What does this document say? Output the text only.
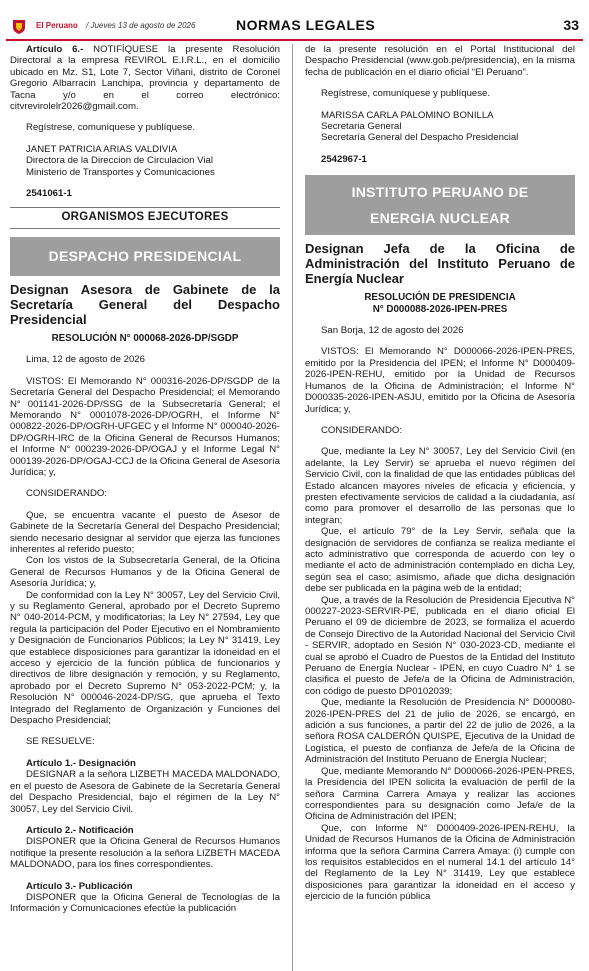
El Peruano / Jueves 13 de agosto de 2026	NORMAS LEGALES	33

Artículo 6.- NOTIFÍQUESE la presente Resolución Directoral a la empresa REVIROL E.I.R.L., en el domicilio ubicado en Mz. S1, Lote 7, Sector Viñani, distrito de Coronel Gregorio Albarracin Lanchipa, provincia y departamento de Tacna y/o en el correo electrónico: citvrevirolelr2026@gmail.com.

Regístrese, comuníquese y publíquese.

JANET PATRICIA ARIAS VALDIVIA

Directora de la Direccion de Circulacion Vial

Ministerio de Transportes y Comunicaciones

2541061-1

ORGANISMOS EJECUTORES
DESPACHO PRESIDENCIAL

Designan Asesora de Gabinete de la Secretaría General del Despacho Presidencial

RESOLUCIÓN N° 000068-2026-DP/SGDP

Lima, 12 de agosto de 2026

VISTOS: El Memorando N° 000316-2026-DP/SGDP de la Secretaría General del Despacho Presidencial; el Memorando N° 001141-2026-DP/SSG de la Subsecretaría General; el Memorando N° 0001078-2026-DP/OGRH, el Informe N° 000822-2026-DP/OGRH-UFGEC y el Informe N° 000040-2026-DP/OGRH-IRC de la Oficina General de Recursos Humanos; el Informe N° 000239-2026-DP/OGAJ y el Informe Legal N° 000139-2026-DP/OGAJ-CCJ de la Oficina General de Asesoría Jurídica; y,

CONSIDERANDO:

Que, se encuentra vacante el puesto de Asesor de Gabinete de la Secretaría General del Despacho Presidencial; siendo necesario designar al servidor que ejerza las funciones inherentes al referido puesto;

Con los vistos de la Subsecretaría General, de la Oficina General de Recursos Humanos y de la Oficina General de Asesoría Jurídica; y,

De conformidad con la Ley N° 30057, Ley del Servicio Civil, y su Reglamento General, aprobado por el Decreto Supremo N° 040-2014-PCM, y modificatorias; la Ley N° 27594, Ley que regula la participación del Poder Ejecutivo en el Nombramiento y Designación de Funcionarios Públicos; la Ley N° 31419, Ley que establece disposiciones para garantizar la idoneidad en el acceso y ejercicio de la función pública de funcionarios y directivos de libre designación y remoción, y su Reglamento, aprobado por el Decreto Supremo N° 053-2022-PCM; y, la Resolución N° 000046-2024-DP/SG, que aprueba el Texto Integrado del Reglamento de Organización y Funciones del Despacho Presidencial;

SE RESUELVE:

Artículo 1.- Designación

DESIGNAR a la señora LIZBETH MACEDA MALDONADO, en el puesto de Asesora de Gabinete de la Secretaría General del Despacho Presidencial, bajo el régimen de la Ley N° 30057, Ley del Servicio Civil.

Artículo 2.- Notificación

DISPONER que la Oficina General de Recursos Humanos notifique la presente resolución a la señora LIZBETH MACEDA MALDONADO, para los fines correspondientes.

Artículo 3.- Publicación

DISPONER que la Oficina General de Tecnologías de la Información y Comunicaciones efectúe la publicación

de la presente resolución en el Portal Institucional del Despacho Presidencial (www.gob.pe/presidencia), en la misma fecha de publicación en el diario oficial “El Peruano”.

Regístrese, comuníquese y publíquese.

MARISSA CARLA PALOMINO BONILLA

Secretaria General

Secretaría General del Despacho Presidencial

2542967-1

INSTITUTO PERUANO DE ENERGIA NUCLEAR

Designan Jefa de la Oficina de Administración del Instituto Peruano de Energía Nuclear

RESOLUCIÓN DE PRESIDENCIA
N° D000088-2026-IPEN-PRES

San Borja, 12 de agosto del 2026

VISTOS: El Memorando N° D000066-2026-IPEN-PRES, emitido por la Presidencia del IPEN; el Informe N° D000409-2026-IPEN-REHU, emitido por la Unidad de Recursos Humanos de la Oficina de Administración; el Informe N° D000335-2026-IPEN-ASJU, emitido por la Oficina de Asesoría Jurídica; y,

CONSIDERANDO:

Que, mediante la Ley N° 30057, Ley del Servicio Civil (en adelante, la Ley Servir) se aprueba el nuevo régimen del Servicio Civil, con la finalidad de que las entidades públicas del Estado alcancen mayores niveles de eficacia y eficiencia, y presten efectivamente servicios de calidad a la ciudadanía, así como para promover el desarrollo de las personas que lo integran;

Que, el artículo 79° de la Ley Servir, señala que la designación de servidores de confianza se realiza mediante el acto administrativo que corresponda de acuerdo con ley o mediante el acto de administración contemplado en dicha Ley, según sea el caso; asimismo, añade que dicha designación debe ser publicada en la página web de la entidad;

Que, a través de la Resolución de Presidencia Ejecutiva N° 000227-2023-SERVIR-PE, publicada en el diario oficial El Peruano el 09 de diciembre de 2023, se formaliza el acuerdo de Consejo Directivo de la Autoridad Nacional del Servicio Civil - SERVIR, adoptado en Sesión N° 030-2023-CD, mediante el cual se aprobó el Cuadro de Puestos de la Entidad del Instituto Peruano de Energía Nuclear - IPEN, en cuyo Cuadro N° 1 se clasifica el puesto de Jefe/a de la Oficina de Administración, con código de puesto DP0102039;

Que, mediante la Resolución de Presidencia N° D000080-2026-IPEN-PRES del 21 de julio de 2026, se encargó, en adición a sus funciones, a partir del 22 de julio de 2026, a la señora ROSA CALDERÓN QUISPE, Ejecutiva de la Unidad de Logística, el puesto de confianza de Jefe/a de la Oficina de Administración del Instituto Peruano de Energía Nuclear;

Que, mediante Memorando N° D000066-2026-IPEN-PRES, la Presidencia del IPEN solicita la evaluación de perfil de la señora Carmina Carrera Amaya y realizar las acciones correspondientes para su designación como Jefa/e de la Oficina de Administración del IPEN;

Que, con Informe N° D000409-2026-IPEN-REHU, la Unidad de Recursos Humanos de la Oficina de Administración informa que la señora Carmina Carrera Amaya: (i) cumple con los requisitos establecidos en el numeral 14.1 del artículo 14° del Reglamento de la Ley N° 31419, Ley que establece disposiciones para garantizar la idoneidad en el acceso y ejercicio de la función pública
